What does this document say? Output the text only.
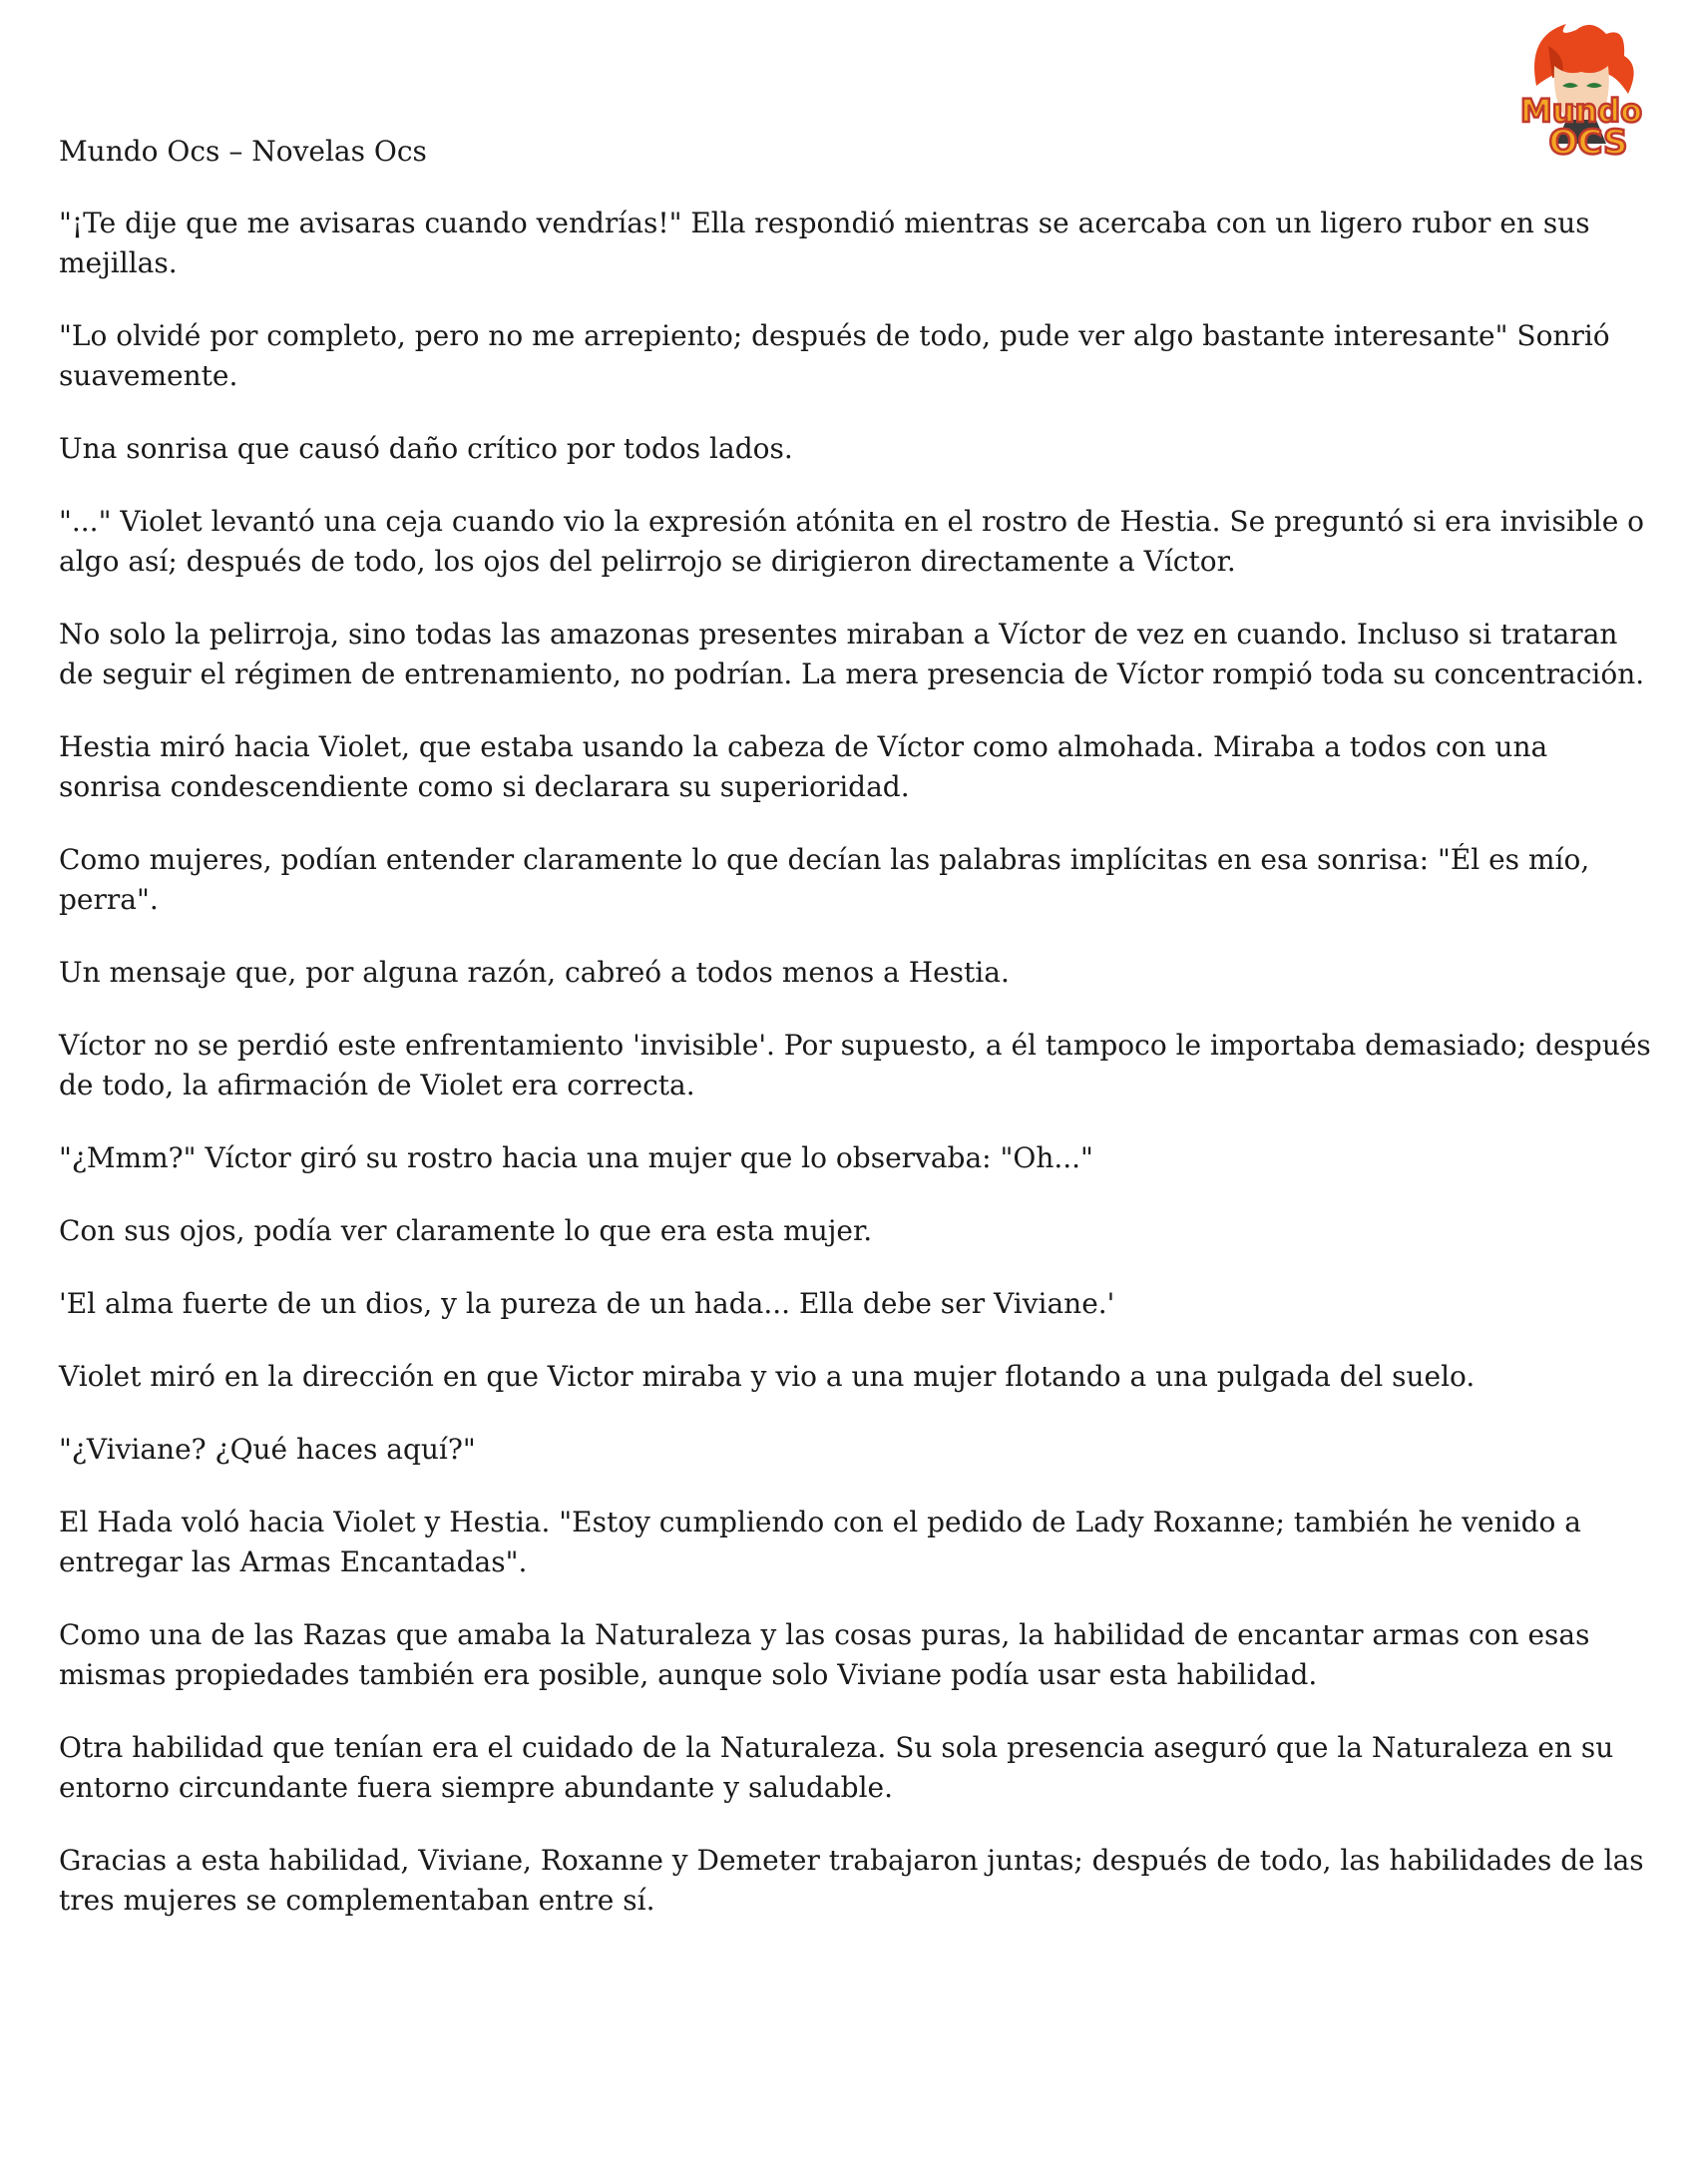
Mundo
OCS

Mundo Ocs – Novelas Ocs

"¡Te dije que me avisaras cuando vendrías!" Ella respondió mientras se acercaba con un ligero rubor en sus mejillas.

"Lo olvidé por completo, pero no me arrepiento; después de todo, pude ver algo bastante interesante" Sonrió suavemente.

Una sonrisa que causó daño crítico por todos lados.

"..." Violet levantó una ceja cuando vio la expresión atónita en el rostro de Hestia. Se preguntó si era invisible o algo así; después de todo, los ojos del pelirrojo se dirigieron directamente a Víctor.

No solo la pelirroja, sino todas las amazonas presentes miraban a Víctor de vez en cuando. Incluso si trataran de seguir el régimen de entrenamiento, no podrían. La mera presencia de Víctor rompió toda su concentración.

Hestia miró hacia Violet, que estaba usando la cabeza de Víctor como almohada. Miraba a todos con una sonrisa condescendiente como si declarara su superioridad.

Como mujeres, podían entender claramente lo que decían las palabras implícitas en esa sonrisa: "Él es mío, perra".

Un mensaje que, por alguna razón, cabreó a todos menos a Hestia.

Víctor no se perdió este enfrentamiento 'invisible'. Por supuesto, a él tampoco le importaba demasiado; después de todo, la afirmación de Violet era correcta.

"¿Mmm?" Víctor giró su rostro hacia una mujer que lo observaba: "Oh..."

Con sus ojos, podía ver claramente lo que era esta mujer.

'El alma fuerte de un dios, y la pureza de un hada... Ella debe ser Viviane.'

Violet miró en la dirección en que Victor miraba y vio a una mujer flotando a una pulgada del suelo.

"¿Viviane? ¿Qué haces aquí?"

El Hada voló hacia Violet y Hestia. "Estoy cumpliendo con el pedido de Lady Roxanne; también he venido a entregar las Armas Encantadas".

Como una de las Razas que amaba la Naturaleza y las cosas puras, la habilidad de encantar armas con esas mismas propiedades también era posible, aunque solo Viviane podía usar esta habilidad.

Otra habilidad que tenían era el cuidado de la Naturaleza. Su sola presencia aseguró que la Naturaleza en su entorno circundante fuera siempre abundante y saludable.

Gracias a esta habilidad, Viviane, Roxanne y Demeter trabajaron juntas; después de todo, las habilidades de las tres mujeres se complementaban entre sí.
